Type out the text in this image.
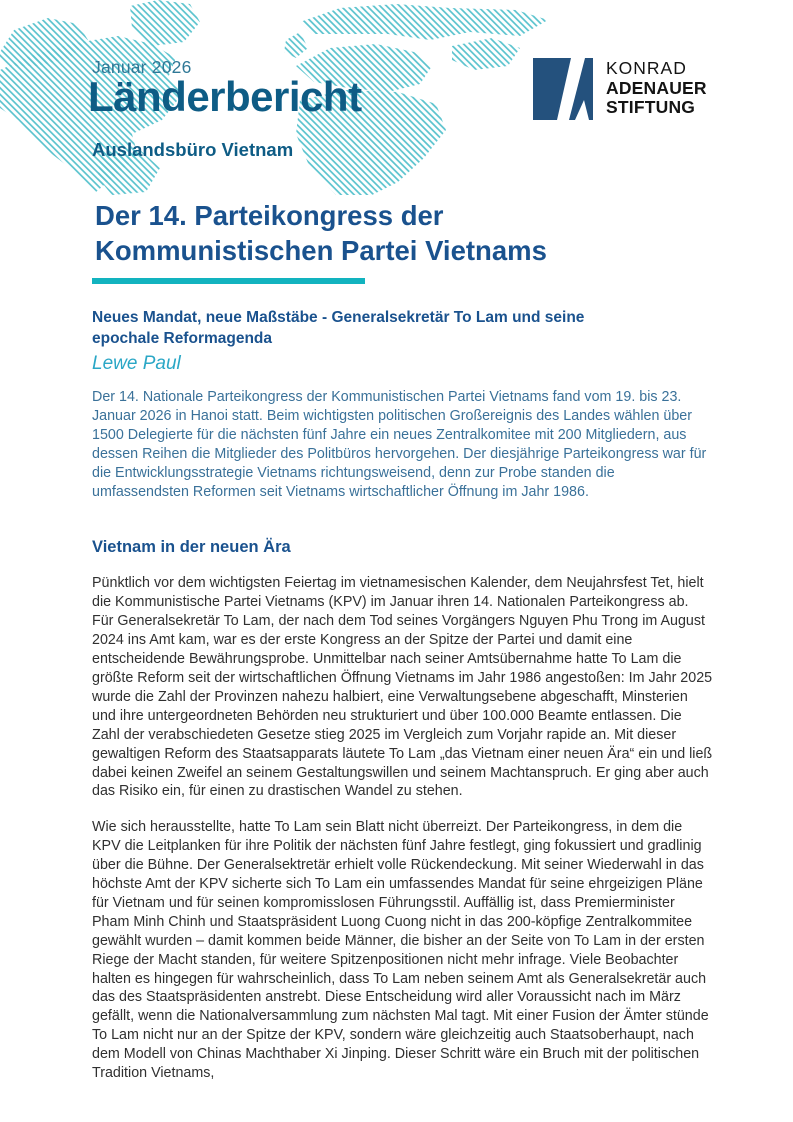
Januar 2026
Länderbericht
Auslandsbüro Vietnam
KONRAD
ADENAUER
STIFTUNG
Der 14. Parteikongress der Kommunistischen Partei Vietnams
Neues Mandat, neue Maßstäbe - Generalsekretär To Lam und seine epochale Reformagenda
Lewe Paul

Der 14. Nationale Parteikongress der Kommunistischen Partei Vietnams fand vom 19. bis 23. Januar 2026 in Hanoi statt. Beim wichtigsten politischen Großereignis des Landes wählen über 1500 Delegierte für die nächsten fünf Jahre ein neues Zentralkomitee mit 200 Mitgliedern, aus dessen Reihen die Mitglieder des Politbüros hervorgehen. Der diesjährige Parteikongress war für die Entwicklungsstrategie Vietnams richtungsweisend, denn zur Probe standen die umfassendsten Reformen seit Vietnams wirtschaftlicher Öffnung im Jahr 1986.

Vietnam in der neuen Ära

Pünktlich vor dem wichtigsten Feiertag im vietnamesischen Kalender, dem Neujahrsfest Tet, hielt die Kommunistische Partei Vietnams (KPV) im Januar ihren 14. Nationalen Parteikongress ab. Für Generalsekretär To Lam, der nach dem Tod seines Vorgängers Nguyen Phu Trong im August 2024 ins Amt kam, war es der erste Kongress an der Spitze der Partei und damit eine entscheidende Bewährungsprobe. Unmittelbar nach seiner Amtsübernahme hatte To Lam die größte Reform seit der wirtschaftlichen Öffnung Vietnams im Jahr 1986 angestoßen: Im Jahr 2025 wurde die Zahl der Provinzen nahezu halbiert, eine Verwaltungsebene abgeschafft, Minsterien und ihre untergeordneten Behörden neu strukturiert und über 100.000 Beamte entlassen. Die Zahl der verabschiedeten Gesetze stieg 2025 im Vergleich zum Vorjahr rapide an. Mit dieser gewaltigen Reform des Staatsapparats läutete To Lam „das Vietnam einer neuen Ära“ ein und ließ dabei keinen Zweifel an seinem Gestaltungswillen und seinem Machtanspruch. Er ging aber auch das Risiko ein, für einen zu drastischen Wandel zu stehen.

Wie sich herausstellte, hatte To Lam sein Blatt nicht überreizt. Der Parteikongress, in dem die KPV die Leitplanken für ihre Politik der nächsten fünf Jahre festlegt, ging fokussiert und gradlinig über die Bühne. Der Generalsektretär erhielt volle Rückendeckung. Mit seiner Wiederwahl in das höchste Amt der KPV sicherte sich To Lam ein umfassendes Mandat für seine ehrgeizigen Pläne für Vietnam und für seinen kompromisslosen Führungsstil. Auffällig ist, dass Premierminister Pham Minh Chinh und Staatspräsident Luong Cuong nicht in das 200-köpfige Zentralkommitee gewählt wurden – damit kommen beide Männer, die bisher an der Seite von To Lam in der ersten Riege der Macht standen, für weitere Spitzenpositionen nicht mehr infrage. Viele Beobachter halten es hingegen für wahrscheinlich, dass To Lam neben seinem Amt als Generalsekretär auch das des Staatspräsidenten anstrebt. Diese Entscheidung wird aller Voraussicht nach im März gefällt, wenn die Nationalversammlung zum nächsten Mal tagt. Mit einer Fusion der Ämter stünde To Lam nicht nur an der Spitze der KPV, sondern wäre gleichzeitig auch Staatsoberhaupt, nach dem Modell von Chinas Machthaber Xi Jinping. Dieser Schritt wäre ein Bruch mit der politischen Tradition Vietnams,
